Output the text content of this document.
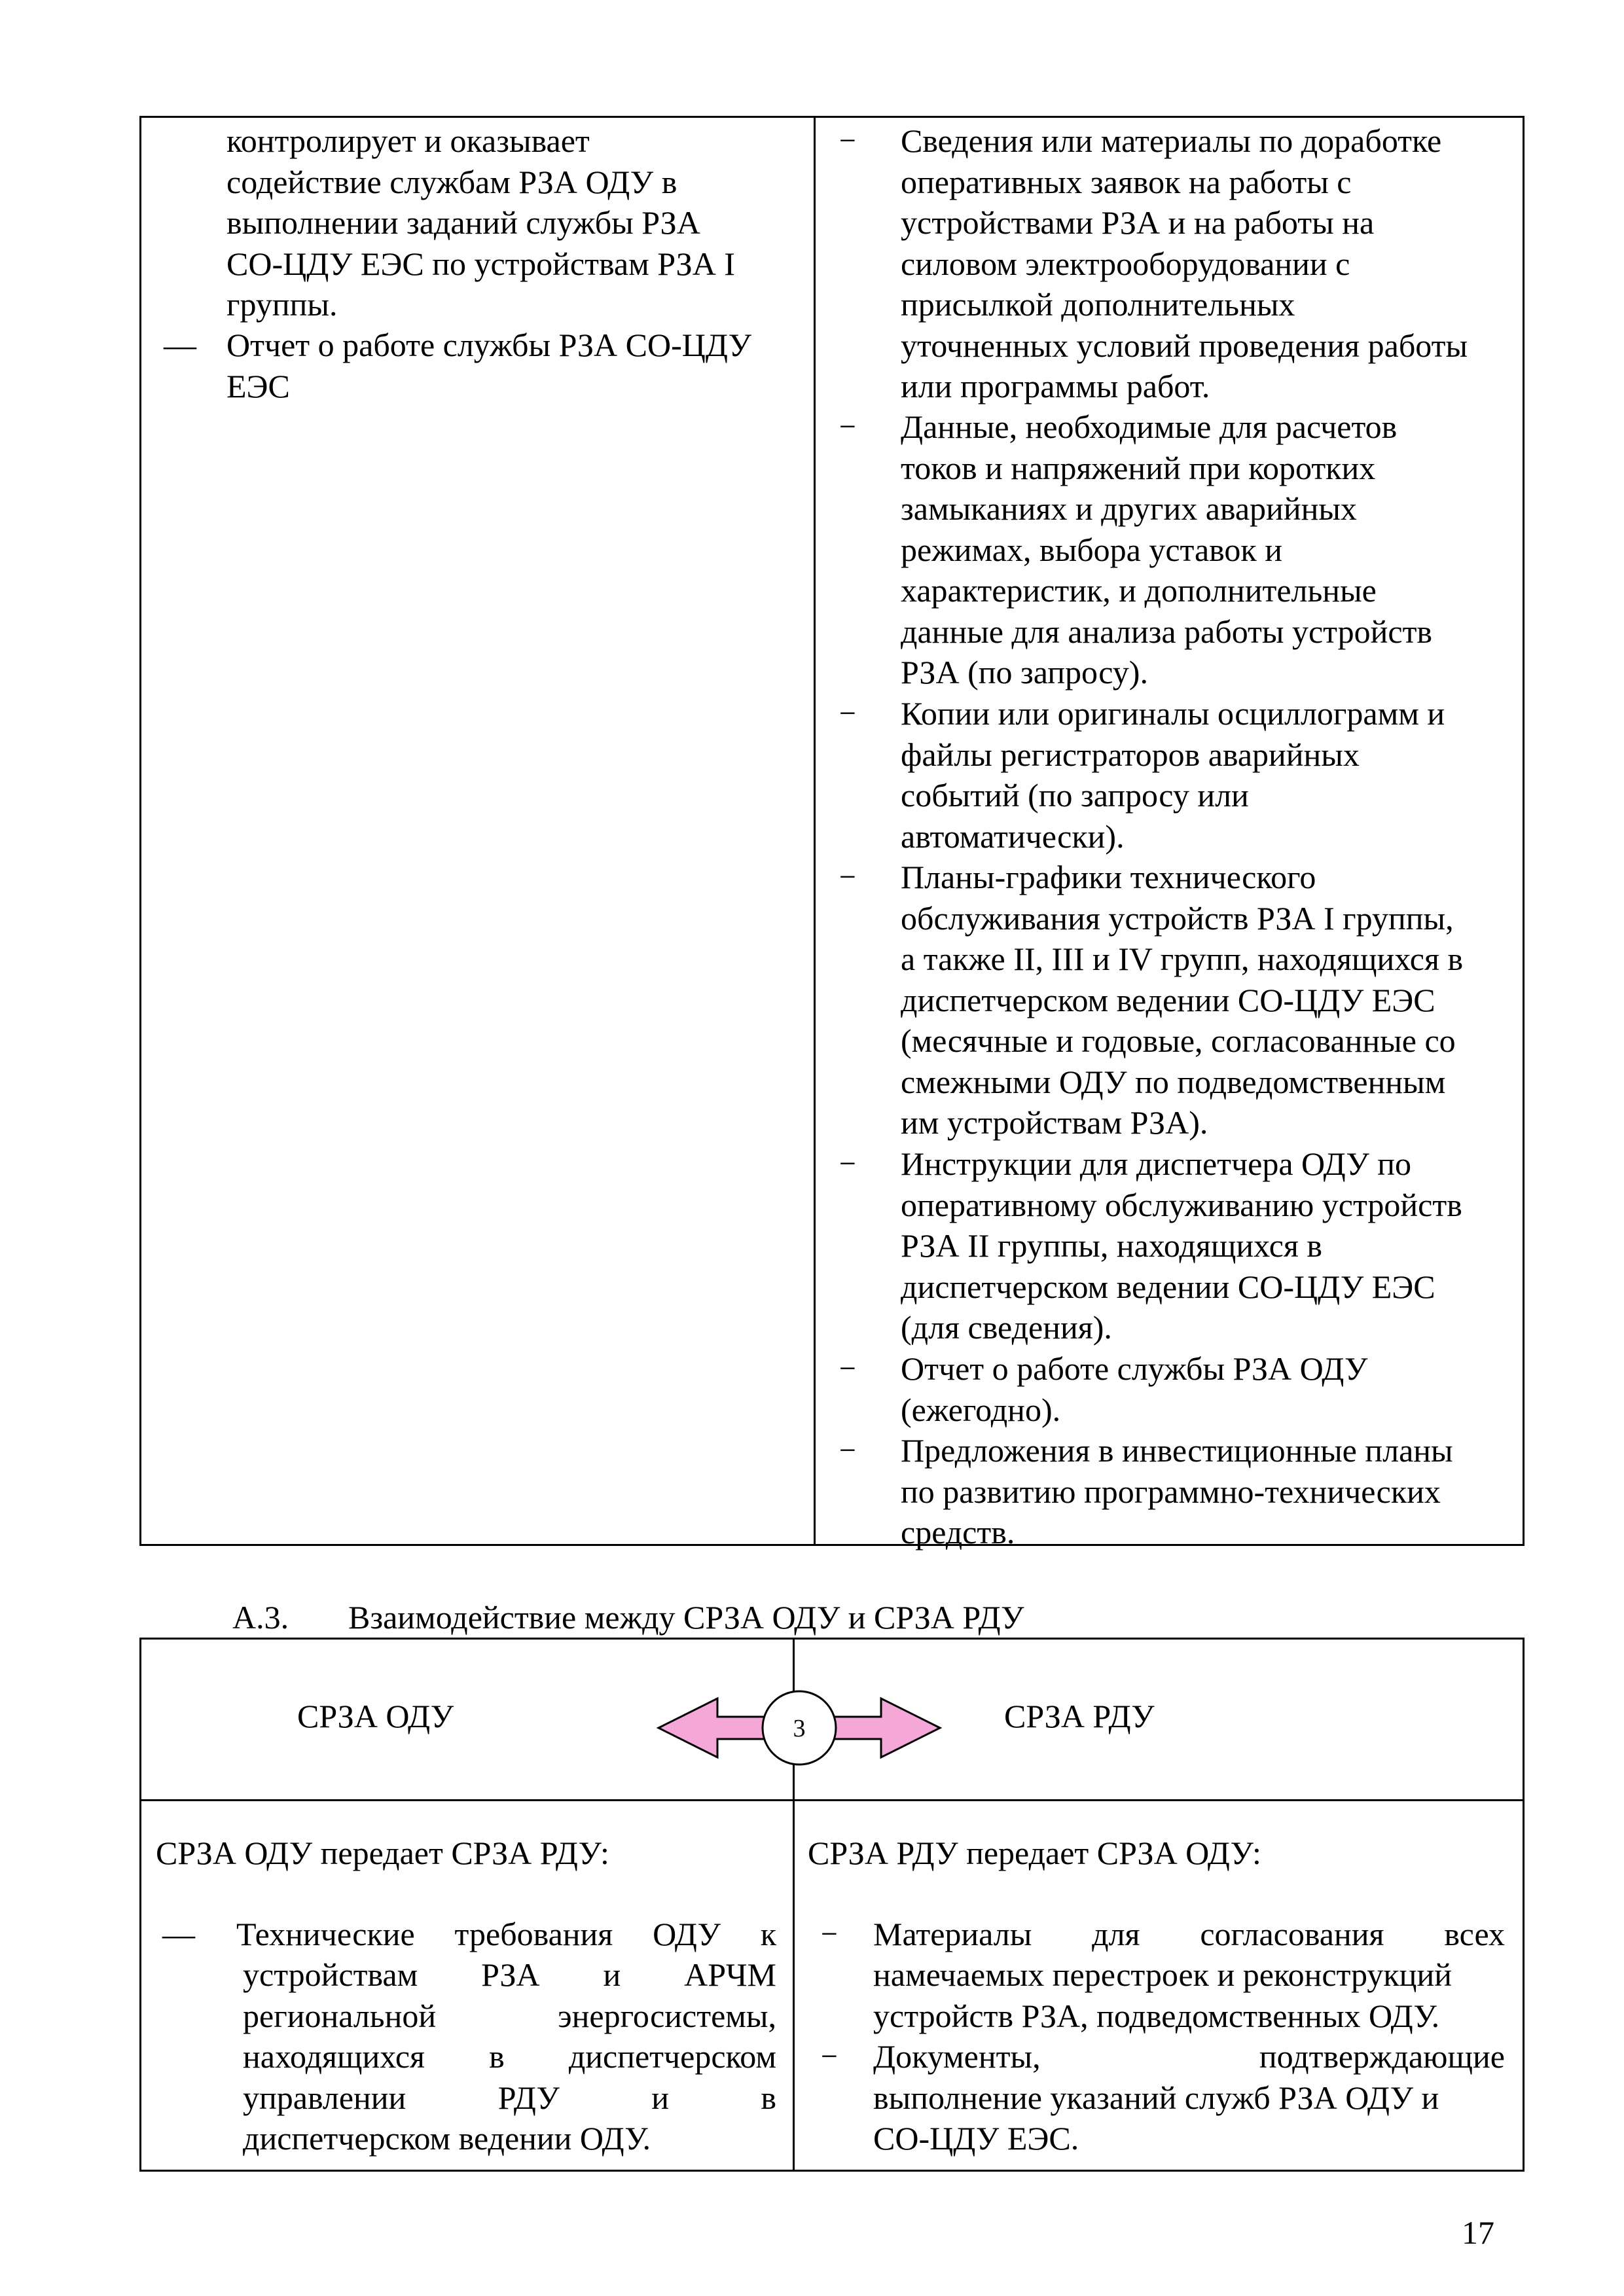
контролирует и оказывает
содействие службам РЗА ОДУ в
выполнении заданий службы РЗА
СО-ЦДУ ЕЭС по устройствам РЗА I
группы.
— Отчет о работе службы РЗА СО-ЦДУ
ЕЭС
− Сведения или материалы по доработке
оперативных заявок на работы с
устройствами РЗА и на работы на
силовом электрооборудовании с
присылкой дополнительных
уточненных условий проведения работы
или программы работ.
− Данные, необходимые для расчетов
токов и напряжений при коротких
замыканиях и других аварийных
режимах, выбора уставок и
характеристик, и дополнительные
данные для анализа работы устройств
РЗА (по запросу).
− Копии или оригиналы осциллограмм и
файлы регистраторов аварийных
событий (по запросу или
автоматически).
− Планы-графики технического
обслуживания устройств РЗА I группы,
а также II, III и IV групп, находящихся в
диспетчерском ведении СО-ЦДУ ЕЭС
(месячные и годовые, согласованные со
смежными ОДУ по подведомственным
им устройствам РЗА).
− Инструкции для диспетчера ОДУ по
оперативному обслуживанию устройств
РЗА II группы, находящихся в
диспетчерском ведении СО-ЦДУ ЕЭС
(для сведения).
− Отчет о работе службы РЗА ОДУ
(ежегодно).
− Предложения в инвестиционные планы
по развитию программно-технических
средств.
А.3. Взаимодействие между СРЗА ОДУ и СРЗА РДУ
СРЗА ОДУ	СРЗА РДУ
3
СРЗА ОДУ передает СРЗА РДУ:
— Технические требования ОДУ к
устройствам РЗА и АРЧМ
региональной	энергосистемы,
находящихся в диспетчерском
управлении	РДУ	и	в
диспетчерском ведении ОДУ.
СРЗА РДУ передает СРЗА ОДУ:
− Материалы для согласования всех
намечаемых перестроек и реконструкций
устройств РЗА, подведомственных ОДУ.
− Документы,	подтверждающие
выполнение указаний служб РЗА ОДУ и
СО-ЦДУ ЕЭС.
17
